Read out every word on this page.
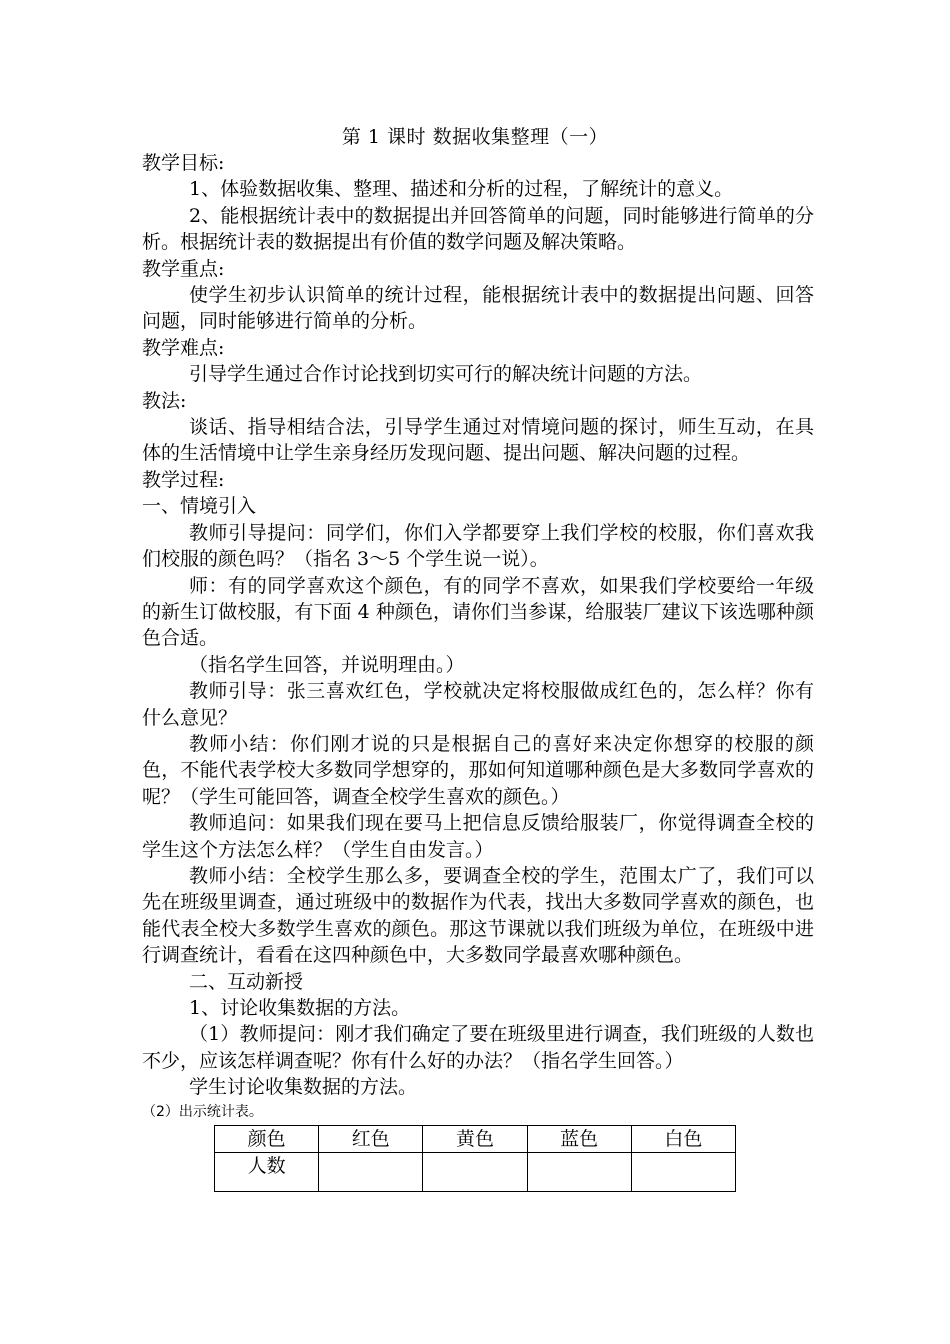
第 1 课时 数据收集整理（一）

教学目标:

1、体验数据收集、整理、描述和分析的过程，了解统计的意义。

2、能根据统计表中的数据提出并回答简单的问题，同时能够进行简单的分析。根据统计表的数据提出有价值的数学问题及解决策略。

教学重点:

使学生初步认识简单的统计过程，能根据统计表中的数据提出问题、回答问题，同时能够进行简单的分析。

教学难点:

引导学生通过合作讨论找到切实可行的解决统计问题的方法。

教法:

谈话、指导相结合法，引导学生通过对情境问题的探讨，师生互动，在具体的生活情境中让学生亲身经历发现问题、提出问题、解决问题的过程。

教学过程:

一、情境引入

教师引导提问：同学们，你们入学都要穿上我们学校的校服，你们喜欢我们校服的颜色吗？（指名 3～5 个学生说一说）。

师：有的同学喜欢这个颜色，有的同学不喜欢，如果我们学校要给一年级的新生订做校服，有下面 4 种颜色，请你们当参谋，给服装厂建议下该选哪种颜色合适。

（指名学生回答，并说明理由。）

教师引导：张三喜欢红色，学校就决定将校服做成红色的，怎么样？你有什么意见？

教师小结：你们刚才说的只是根据自己的喜好来决定你想穿的校服的颜色，不能代表学校大多数同学想穿的，那如何知道哪种颜色是大多数同学喜欢的呢？（学生可能回答，调查全校学生喜欢的颜色。）

教师追问：如果我们现在要马上把信息反馈给服装厂，你觉得调查全校的学生这个方法怎么样？（学生自由发言。）

教师小结：全校学生那么多，要调查全校的学生，范围太广了，我们可以先在班级里调查，通过班级中的数据作为代表，找出大多数同学喜欢的颜色，也能代表全校大多数学生喜欢的颜色。那这节课就以我们班级为单位，在班级中进行调查统计，看看在这四种颜色中，大多数同学最喜欢哪种颜色。

二、互动新授

1、讨论收集数据的方法。

（1）教师提问：刚才我们确定了要在班级里进行调查，我们班级的人数也不少，应该怎样调查呢？你有什么好的办法？（指名学生回答。）

学生讨论收集数据的方法。

（2）出示统计表。

颜色	红色	黄色	蓝色	白色
人数				
